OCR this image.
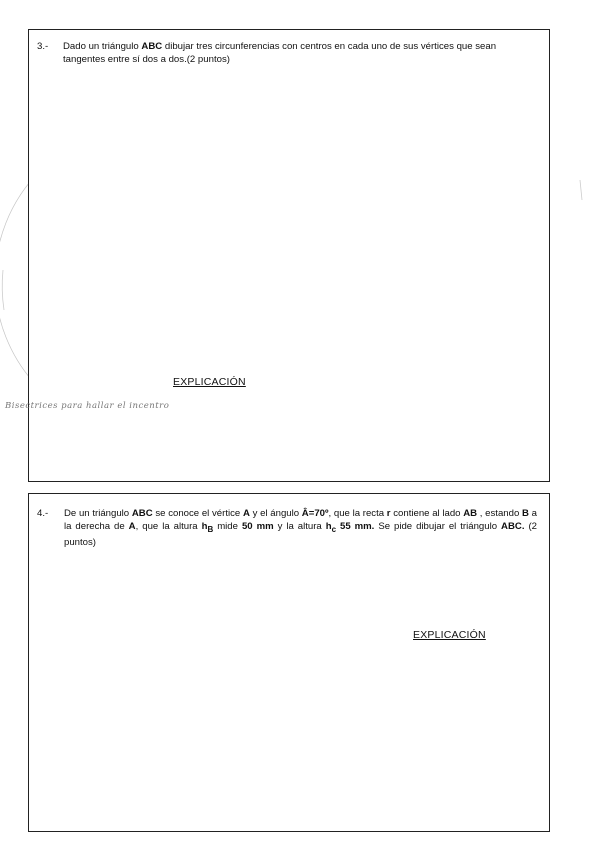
3.- Dado un triángulo ABC dibujar tres circunferencias con centros en cada uno de sus vértices que sean tangentes entre sí dos a dos.(2 puntos)
EXPLICACIÓN
Bisectrices para hallar el incentro
4.- De un triángulo ABC se conoce el vértice A y el ángulo Â=70º, que la recta r contiene al lado AB , estando B a la derecha de A, que la altura $h_B$ mide 50 mm y la altura $h_c$ 55 mm. Se pide dibujar el triángulo ABC. (2 puntos)
EXPLICACIÓN
